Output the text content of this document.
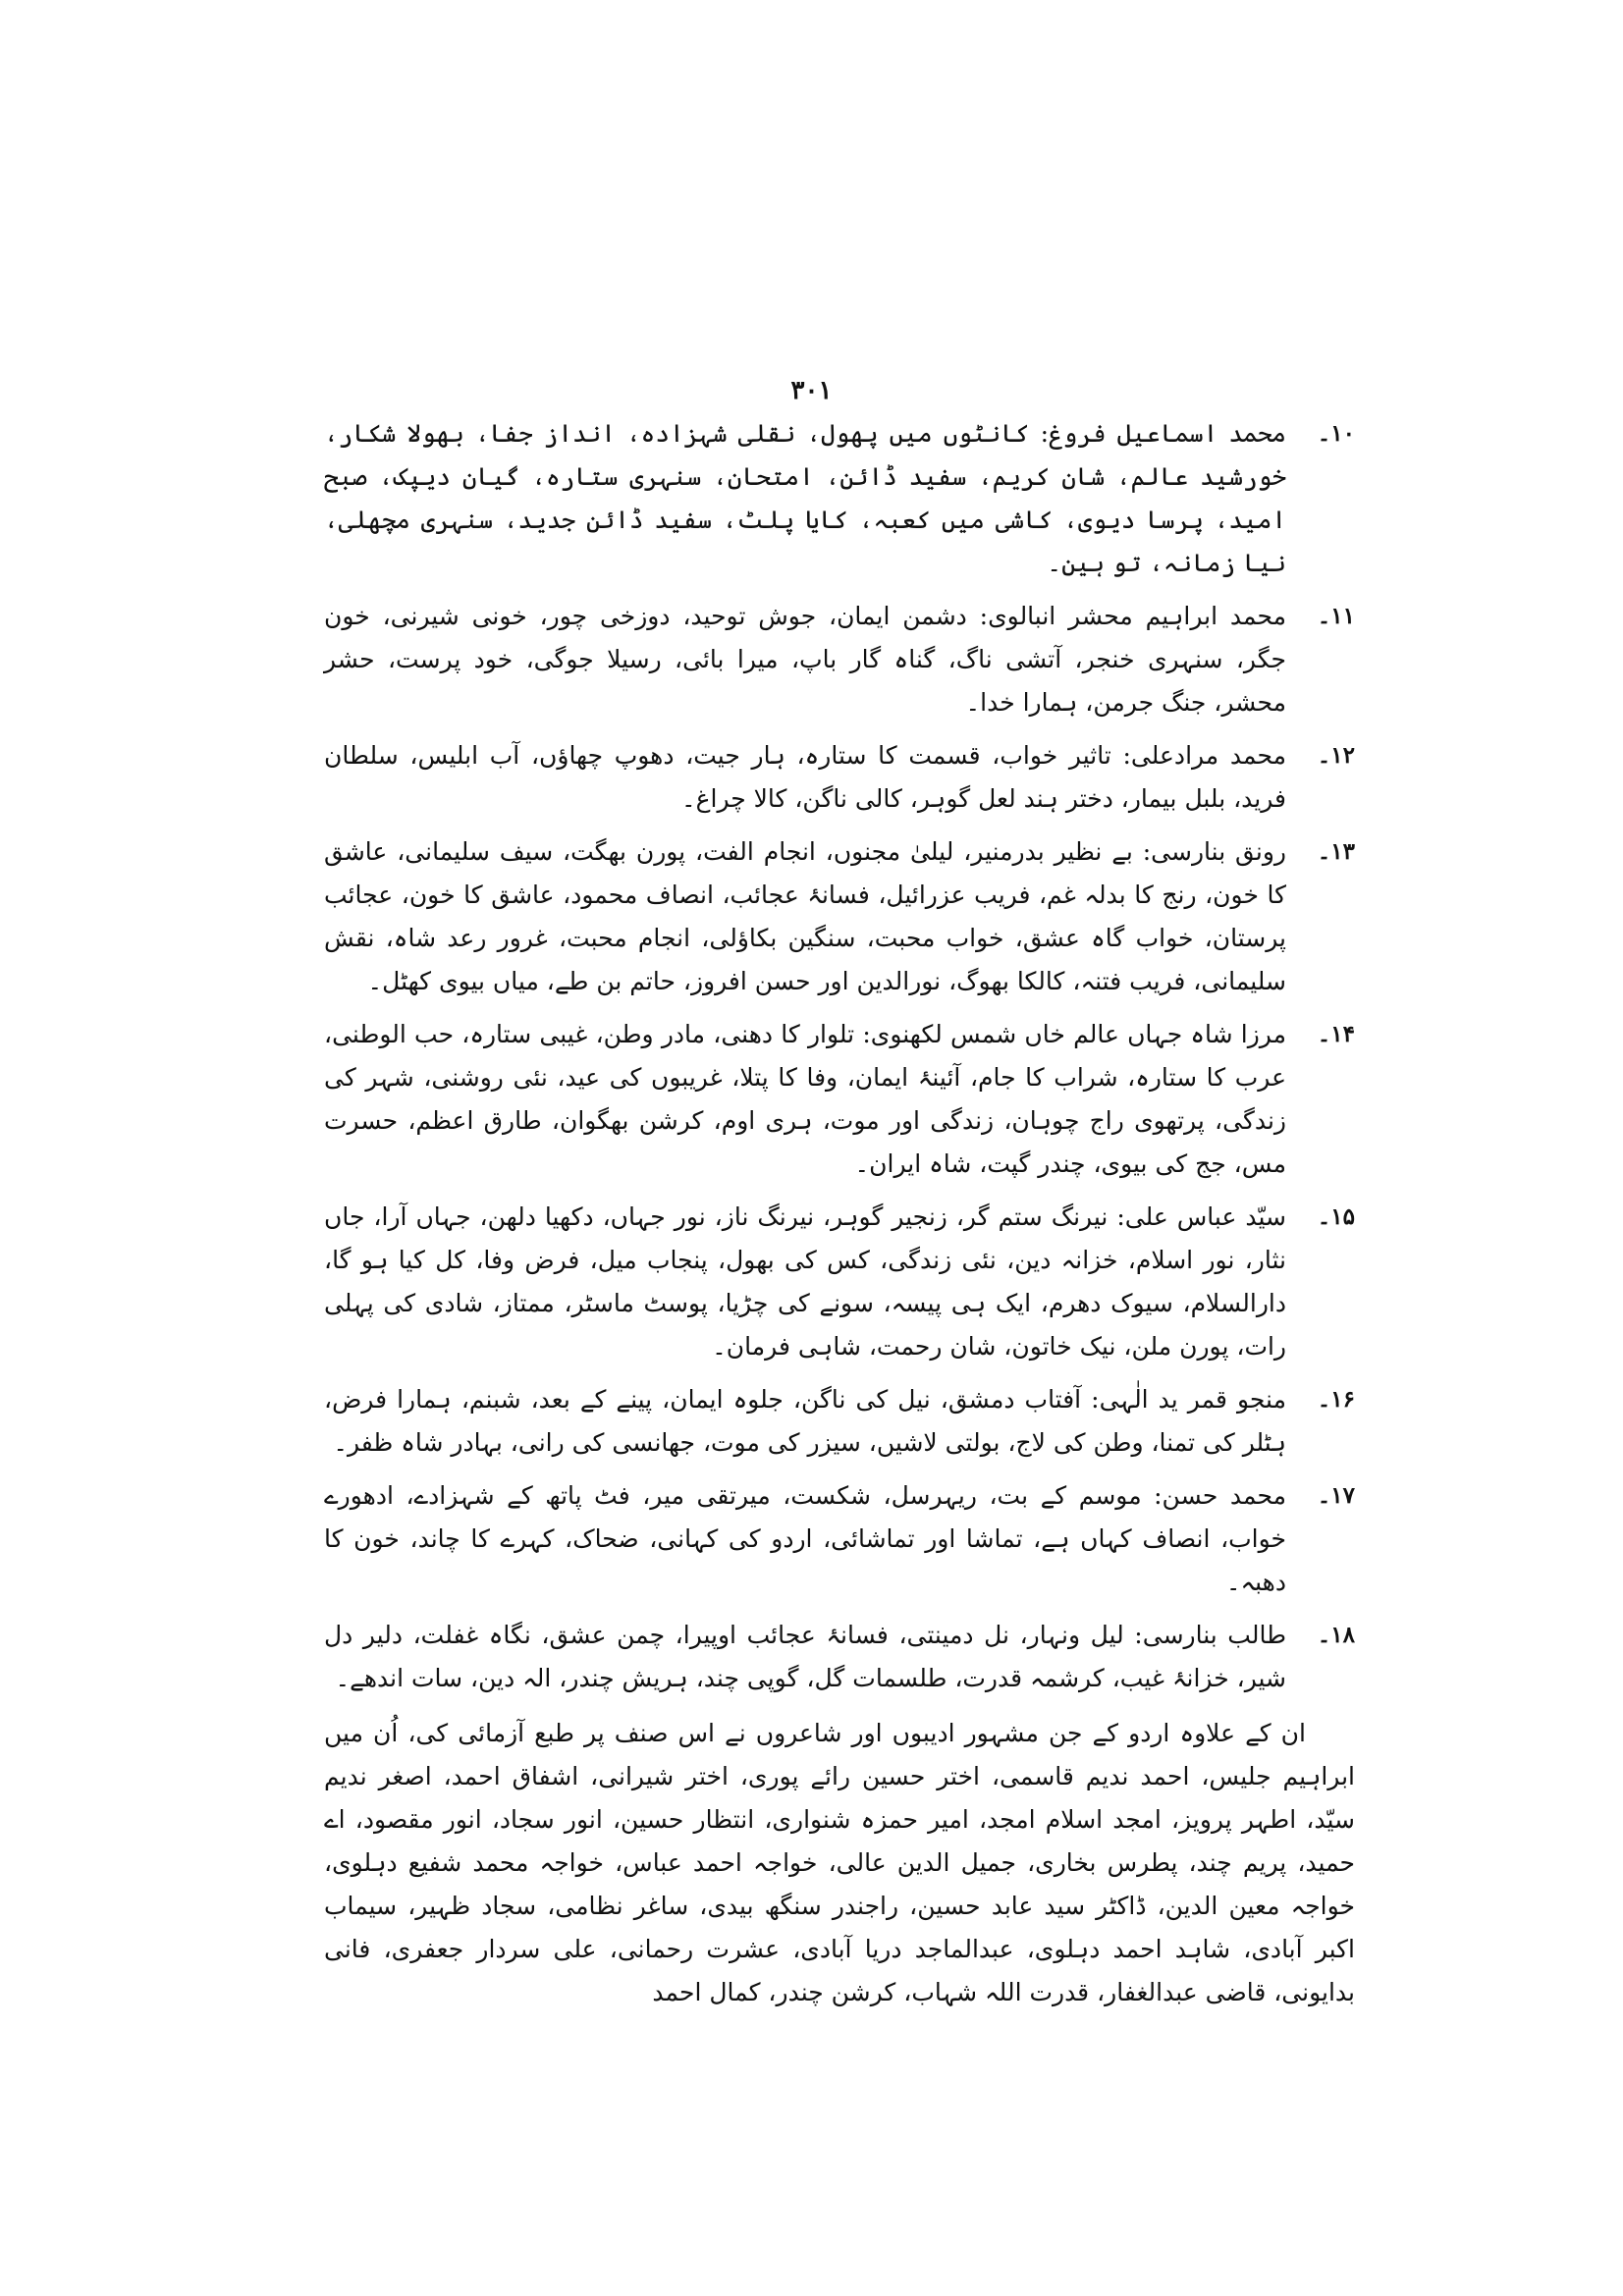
۳۰۱
۱۰۔
محمد اسماعیل فروغ: کانٹوں میں پھول، نقلی شہزادہ، انداز جفا، بھولا شکار، خورشید عالم، شان کریم، سفید ڈائن، امتحان، سنہری ستارہ، گیان دیپک، صبح امید، پرسا دیوی، کاشی میں کعبہ، کایا پلٹ، سفید ڈائن جدید، سنہری مچھلی، نیا زمانہ، تو ہین۔
۱۱۔
محمد ابراہیم محشر انبالوی: دشمن ایمان، جوش توحید، دوزخی چور، خونی شیرنی، خون جگر، سنہری خنجر، آتشی ناگ، گناہ گار باپ، میرا بائی، رسیلا جوگی، خود پرست، حشر محشر، جنگ جرمن، ہمارا خدا۔
۱۲۔
محمد مرادعلی: تاثیر خواب، قسمت کا ستارہ، ہار جیت، دھوپ چھاؤں، آب ابلیس، سلطان فرید، بلبل بیمار، دختر ہند لعل گوہر، کالی ناگن، کالا چراغ۔
۱۳۔
رونق بنارسی: بے نظیر بدرمنیر، لیلیٰ مجنوں، انجام الفت، پورن بھگت، سیف سلیمانی، عاشق کا خون، رنج کا بدلہ غم، فریب عزرائیل، فسانۂ عجائب، انصاف محمود، عاشق کا خون، عجائب پرستان، خواب گاہ عشق، خواب محبت، سنگین بکاؤلی، انجام محبت، غرور رعد شاہ، نقش سلیمانی، فریب فتنہ، کالکا بھوگ، نورالدین اور حسن افروز، حاتم بن طے، میاں بیوی کھٹل۔
۱۴۔
مرزا شاہ جہاں عالم خاں شمس لکھنوی: تلوار کا دھنی، مادر وطن، غیبی ستارہ، حب الوطنی، عرب کا ستارہ، شراب کا جام، آئینۂ ایمان، وفا کا پتلا، غریبوں کی عید، نئی روشنی، شہر کی زندگی، پرتھوی راج چوہان، زندگی اور موت، ہری اوم، کرشن بھگوان، طارق اعظم، حسرت مس، جج کی بیوی، چندر گپت، شاہ ایران۔
۱۵۔
سیّد عباس علی: نیرنگ ستم گر، زنجیر گوہر، نیرنگ ناز، نور جہاں، دکھیا دلھن، جہاں آرا، جاں نثار، نور اسلام، خزانہ دین، نئی زندگی، کس کی بھول، پنجاب میل، فرض وفا، کل کیا ہو گا، دارالسلام، سیوک دھرم، ایک ہی پیسہ، سونے کی چڑیا، پوسٹ ماسٹر، ممتاز، شادی کی پہلی رات، پورن ملن، نیک خاتون، شان رحمت، شاہی فرمان۔
۱۶۔
منجو قمر ید الٰہی: آفتاب دمشق، نیل کی ناگن، جلوہ ایمان، پینے کے بعد، شبنم، ہمارا فرض، ہٹلر کی تمنا، وطن کی لاج، بولتی لاشیں، سیزر کی موت، جھانسی کی رانی، بہادر شاہ ظفر۔
۱۷۔
محمد حسن: موسم کے بت، ریہرسل، شکست، میرتقی میر، فٹ پاتھ کے شہزادے، ادھورے خواب، انصاف کہاں ہے، تماشا اور تماشائی، اردو کی کہانی، ضحاک، کہرے کا چاند، خون کا دھبہ۔
۱۸۔
طالب بنارسی: لیل ونہار، نل دمینتی، فسانۂ عجائب اوپیرا، چمن عشق، نگاہ غفلت، دلیر دل شیر، خزانۂ غیب، کرشمہ قدرت، طلسمات گل، گوپی چند، ہریش چندر، الہ دین، سات اندھے۔

ان کے علاوہ اردو کے جن مشہور ادیبوں اور شاعروں نے اس صنف پر طبع آزمائی کی، اُن میں ابراہیم جلیس، احمد ندیم قاسمی، اختر حسین رائے پوری، اختر شیرانی، اشفاق احمد، اصغر ندیم سیّد، اطہر پرویز، امجد اسلام امجد، امیر حمزہ شنواری، انتظار حسین، انور سجاد، انور مقصود، اے حمید، پریم چند، پطرس بخاری، جمیل الدین عالی، خواجہ احمد عباس، خواجہ محمد شفیع دہلوی، خواجہ معین الدین، ڈاکٹر سید عابد حسین، راجندر سنگھ بیدی، ساغر نظامی، سجاد ظہیر، سیماب اکبر آبادی، شاہد احمد دہلوی، عبدالماجد دریا آبادی، عشرت رحمانی، علی سردار جعفری، فانی بدایونی، قاضی عبدالغفار، قدرت اللہ شہاب، کرشن چندر، کمال احمد
